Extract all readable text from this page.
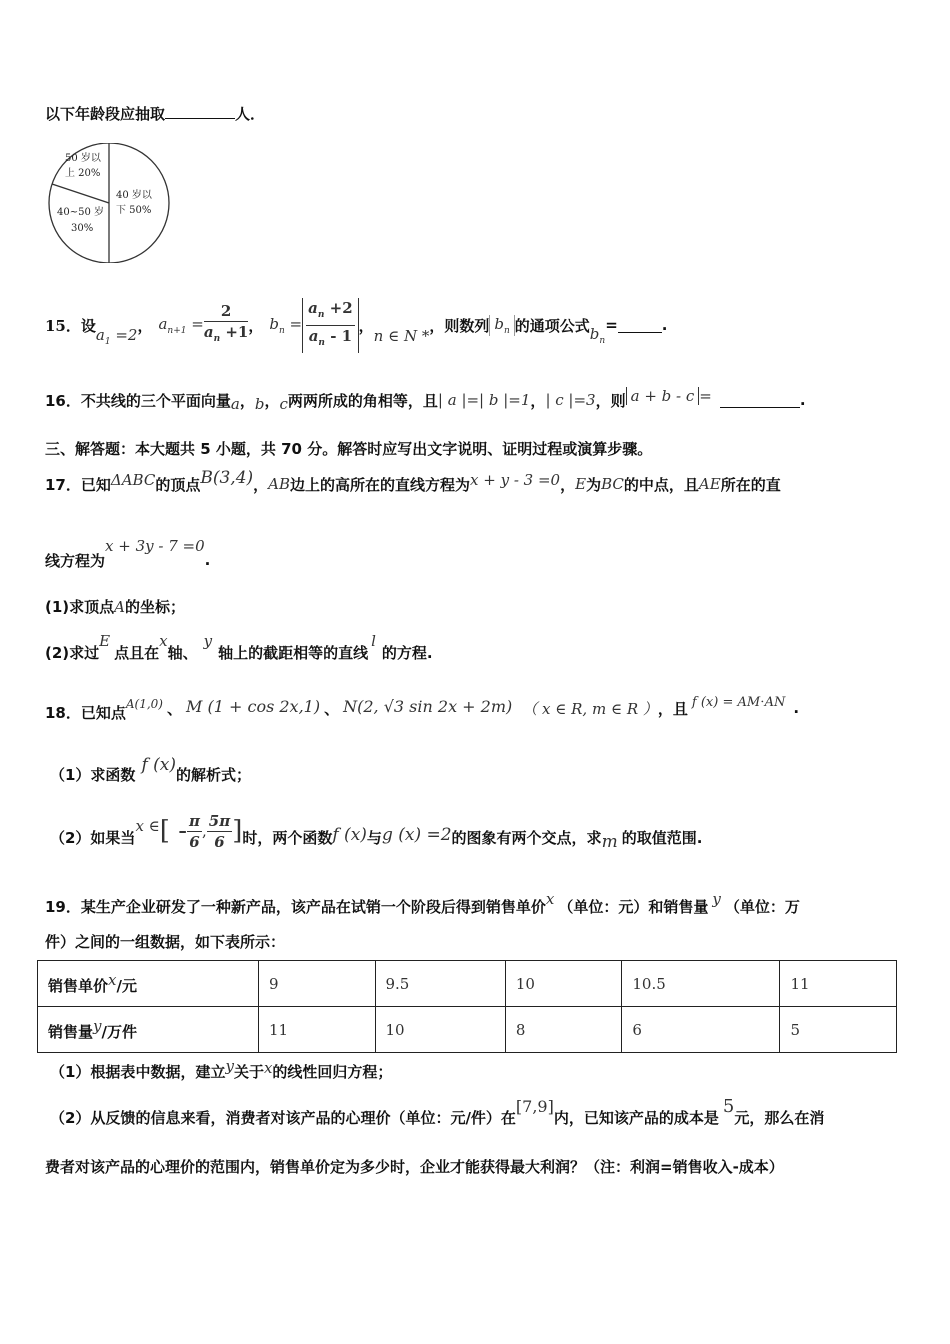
以下年龄段应抽取	人．
50 岁以
上 20%
40 岁以
下 50%
40~50 岁
30%
15．设 $a_1 =2$ ， $a_{n+1} = \frac{2}{a_n +1}$ ， $b_n = \frac{a_n +2}{a_n - 1}$ ，
n ∈ N *
，则数列 $b_n$ 的通项公式 $b_n$
=	.
16．不共线的三个平面向量 a ， b ， c 两两所成的角相等，且 | a |=| b |=1 ， | c |=3 ，则 a + b - c =	.
三、解答题：本大题共 5 小题，共 70 分。解答时应写出文字说明、证明过程或演算步骤。
17．已知 ΔABC 的顶点 B(3,4) ， AB 边上的高所在的直线方程为 x + y - 3 =0 ， E 为 BC 的中点，且 AE 所在的直
线方程为
x + 3y - 7 =0
.
(1)求顶点 A 的坐标；
(2)求过
E
点且在
x
轴、
y
轴上的截距相等的直线
l
的方程.
18．已知点 A(1,0) 、 M (1 + cos 2x,1) 、 N(2, √3 sin 2x + 2m) （ x ∈ R, m ∈ R ） ，且 f (x) = AM⋅AN .
（1）求函数 f (x) 的解析式；
（2）如果当
x ∈ [ - $\frac{\pi}{6}$ , $\frac{5\pi}{6}$ ] 时，两个函数 f (x) 与 g (x) =2 的图象有两个交点，求 m 的取值范围.
19．某生产企业研发了一种新产品，该产品在试销一个阶段后得到销售单价 x （单位：元）和销售量 y （单位：万
件）之间的一组数据，如下表所示：
销售单价x/元	9	9.5	10	10.5	11
销售量y/万件	11	10	8	6	5
（1）根据表中数据，建立 y 关于 x 的线性回归方程；
（2）从反馈的信息来看，消费者对该产品的心理价（单位：元/件）在
[7,9]
内，已知该产品的成本是
5
元，那么在消
费者对该产品的心理价的范围内，销售单价定为多少时，企业才能获得最大利润？（注：利润=销售收入-成本）
